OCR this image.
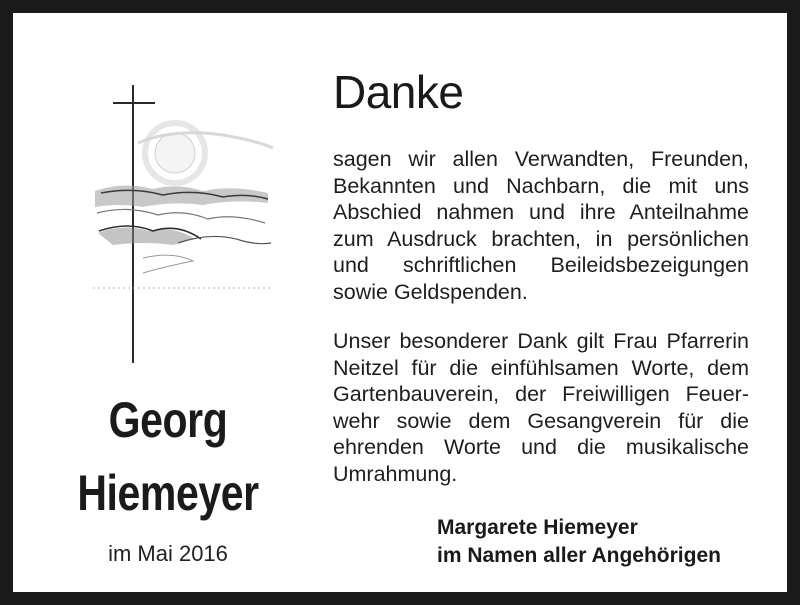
Georg
Hiemeyer
im Mai 2016
Danke
sagen wir allen Verwandten, Freunden,
Bekannten und Nachbarn, die mit uns
Abschied nahmen und ihre Anteilnahme
zum Ausdruck brachten, in persönlichen
und schriftlichen Beileidsbezeigungen
sowie Geldspenden.
Unser besonderer Dank gilt Frau Pfarrerin
Neitzel für die einfühlsamen Worte, dem
Gartenbauverein, der Freiwilligen Feuer-
wehr sowie dem Gesangverein für die
ehrenden Worte und die musikalische
Umrahmung.
Margarete Hiemeyer
im Namen aller Angehörigen
